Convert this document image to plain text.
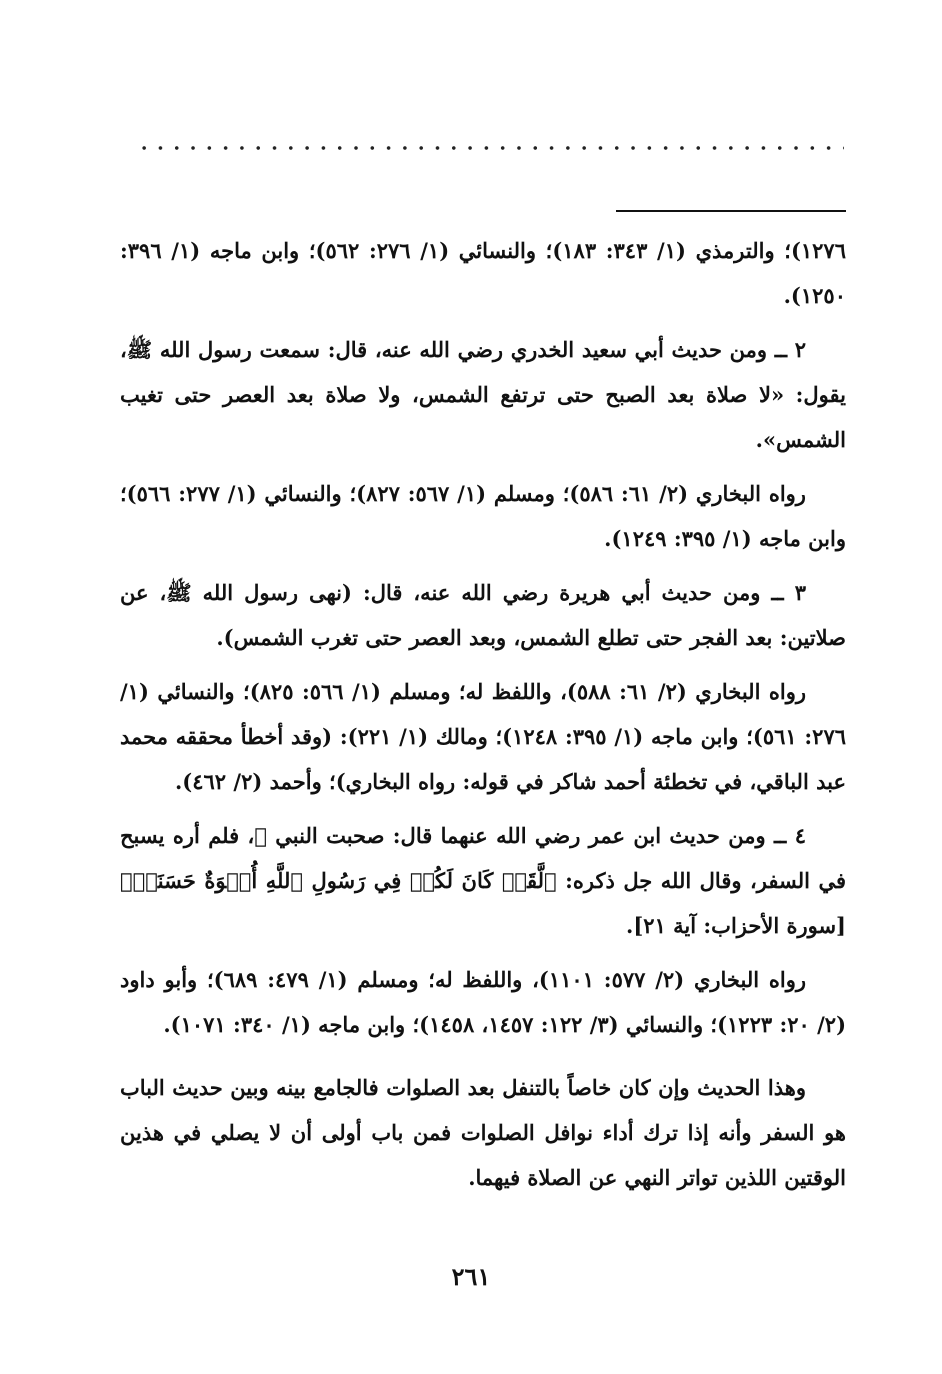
١٢٧٦)؛ والترمذي (١/ ٣٤٣: ١٨٣)؛ والنسائي (١/ ٢٧٦: ٥٦٢)؛ وابن ماجه (١/ ٣٩٦: ١٢٥٠).

٢ ــ ومن حديث أبي سعيد الخدري رضي الله عنه، قال: سمعت رسول الله ﷺ، يقول: «لا صلاة بعد الصبح حتى ترتفع الشمس، ولا صلاة بعد العصر حتى تغيب الشمس».

رواه البخاري (٢/ ٦١: ٥٨٦)؛ ومسلم (١/ ٥٦٧: ٨٢٧)؛ والنسائي (١/ ٢٧٧: ٥٦٦)؛ وابن ماجه (١/ ٣٩٥: ١٢٤٩).

٣ ــ ومن حديث أبي هريرة رضي الله عنه، قال: (نهى رسول الله ﷺ، عن صلاتين: بعد الفجر حتى تطلع الشمس، وبعد العصر حتى تغرب الشمس).

رواه البخاري (٢/ ٦١: ٥٨٨)، واللفظ له؛ ومسلم (١/ ٥٦٦: ٨٢٥)؛ والنسائي (١/ ٢٧٦: ٥٦١)؛ وابن ماجه (١/ ٣٩٥: ١٢٤٨)؛ ومالك (١/ ٢٢١): (وقد أخطأ محققه محمد عبد الباقي، في تخطئة أحمد شاكر في قوله: رواه البخاري)؛ وأحمد (٢/ ٤٦٢).

٤ ــ ومن حديث ابن عمر رضي الله عنهما قال: صحبت النبي ﷺ، فلم أره يسبح في السفر، وقال الله جل ذكره: ﴿لَّقَدۡ كَانَ لَكُمۡ فِي رَسُولِ ٱللَّهِ أُسۡوَةٌ حَسَنَةٞ﴾ [سورة الأحزاب: آية ٢١].

رواه البخاري (٢/ ٥٧٧: ١١٠١)، واللفظ له؛ ومسلم (١/ ٤٧٩: ٦٨٩)؛ وأبو داود (٢/ ٢٠: ١٢٢٣)؛ والنسائي (٣/ ١٢٢: ١٤٥٧، ١٤٥٨)؛ وابن ماجه (١/ ٣٤٠: ١٠٧١).

وهذا الحديث وإن كان خاصاً بالتنفل بعد الصلوات فالجامع بينه وبين حديث الباب هو السفر وأنه إذا ترك أداء نوافل الصلوات فمن باب أولى أن لا يصلي في هذين الوقتين اللذين تواتر النهي عن الصلاة فيهما.

٢٦١
